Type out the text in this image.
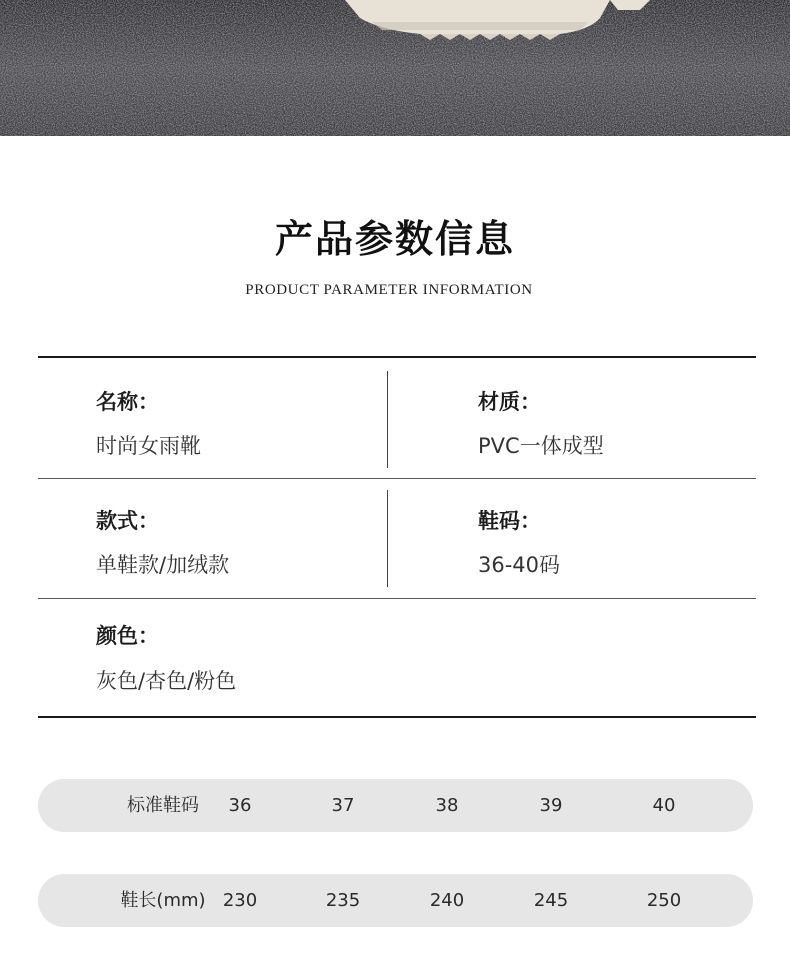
产品参数信息
PRODUCT PARAMETER INFORMATION
名称：
时尚女雨靴
材质：
PVC一体成型
款式：
单鞋款/加绒款
鞋码：
36-40码
颜色：
灰色/杏色/粉色
标准鞋码	36	37	38	39	40
鞋长(mm) 230	235	240	245	250
